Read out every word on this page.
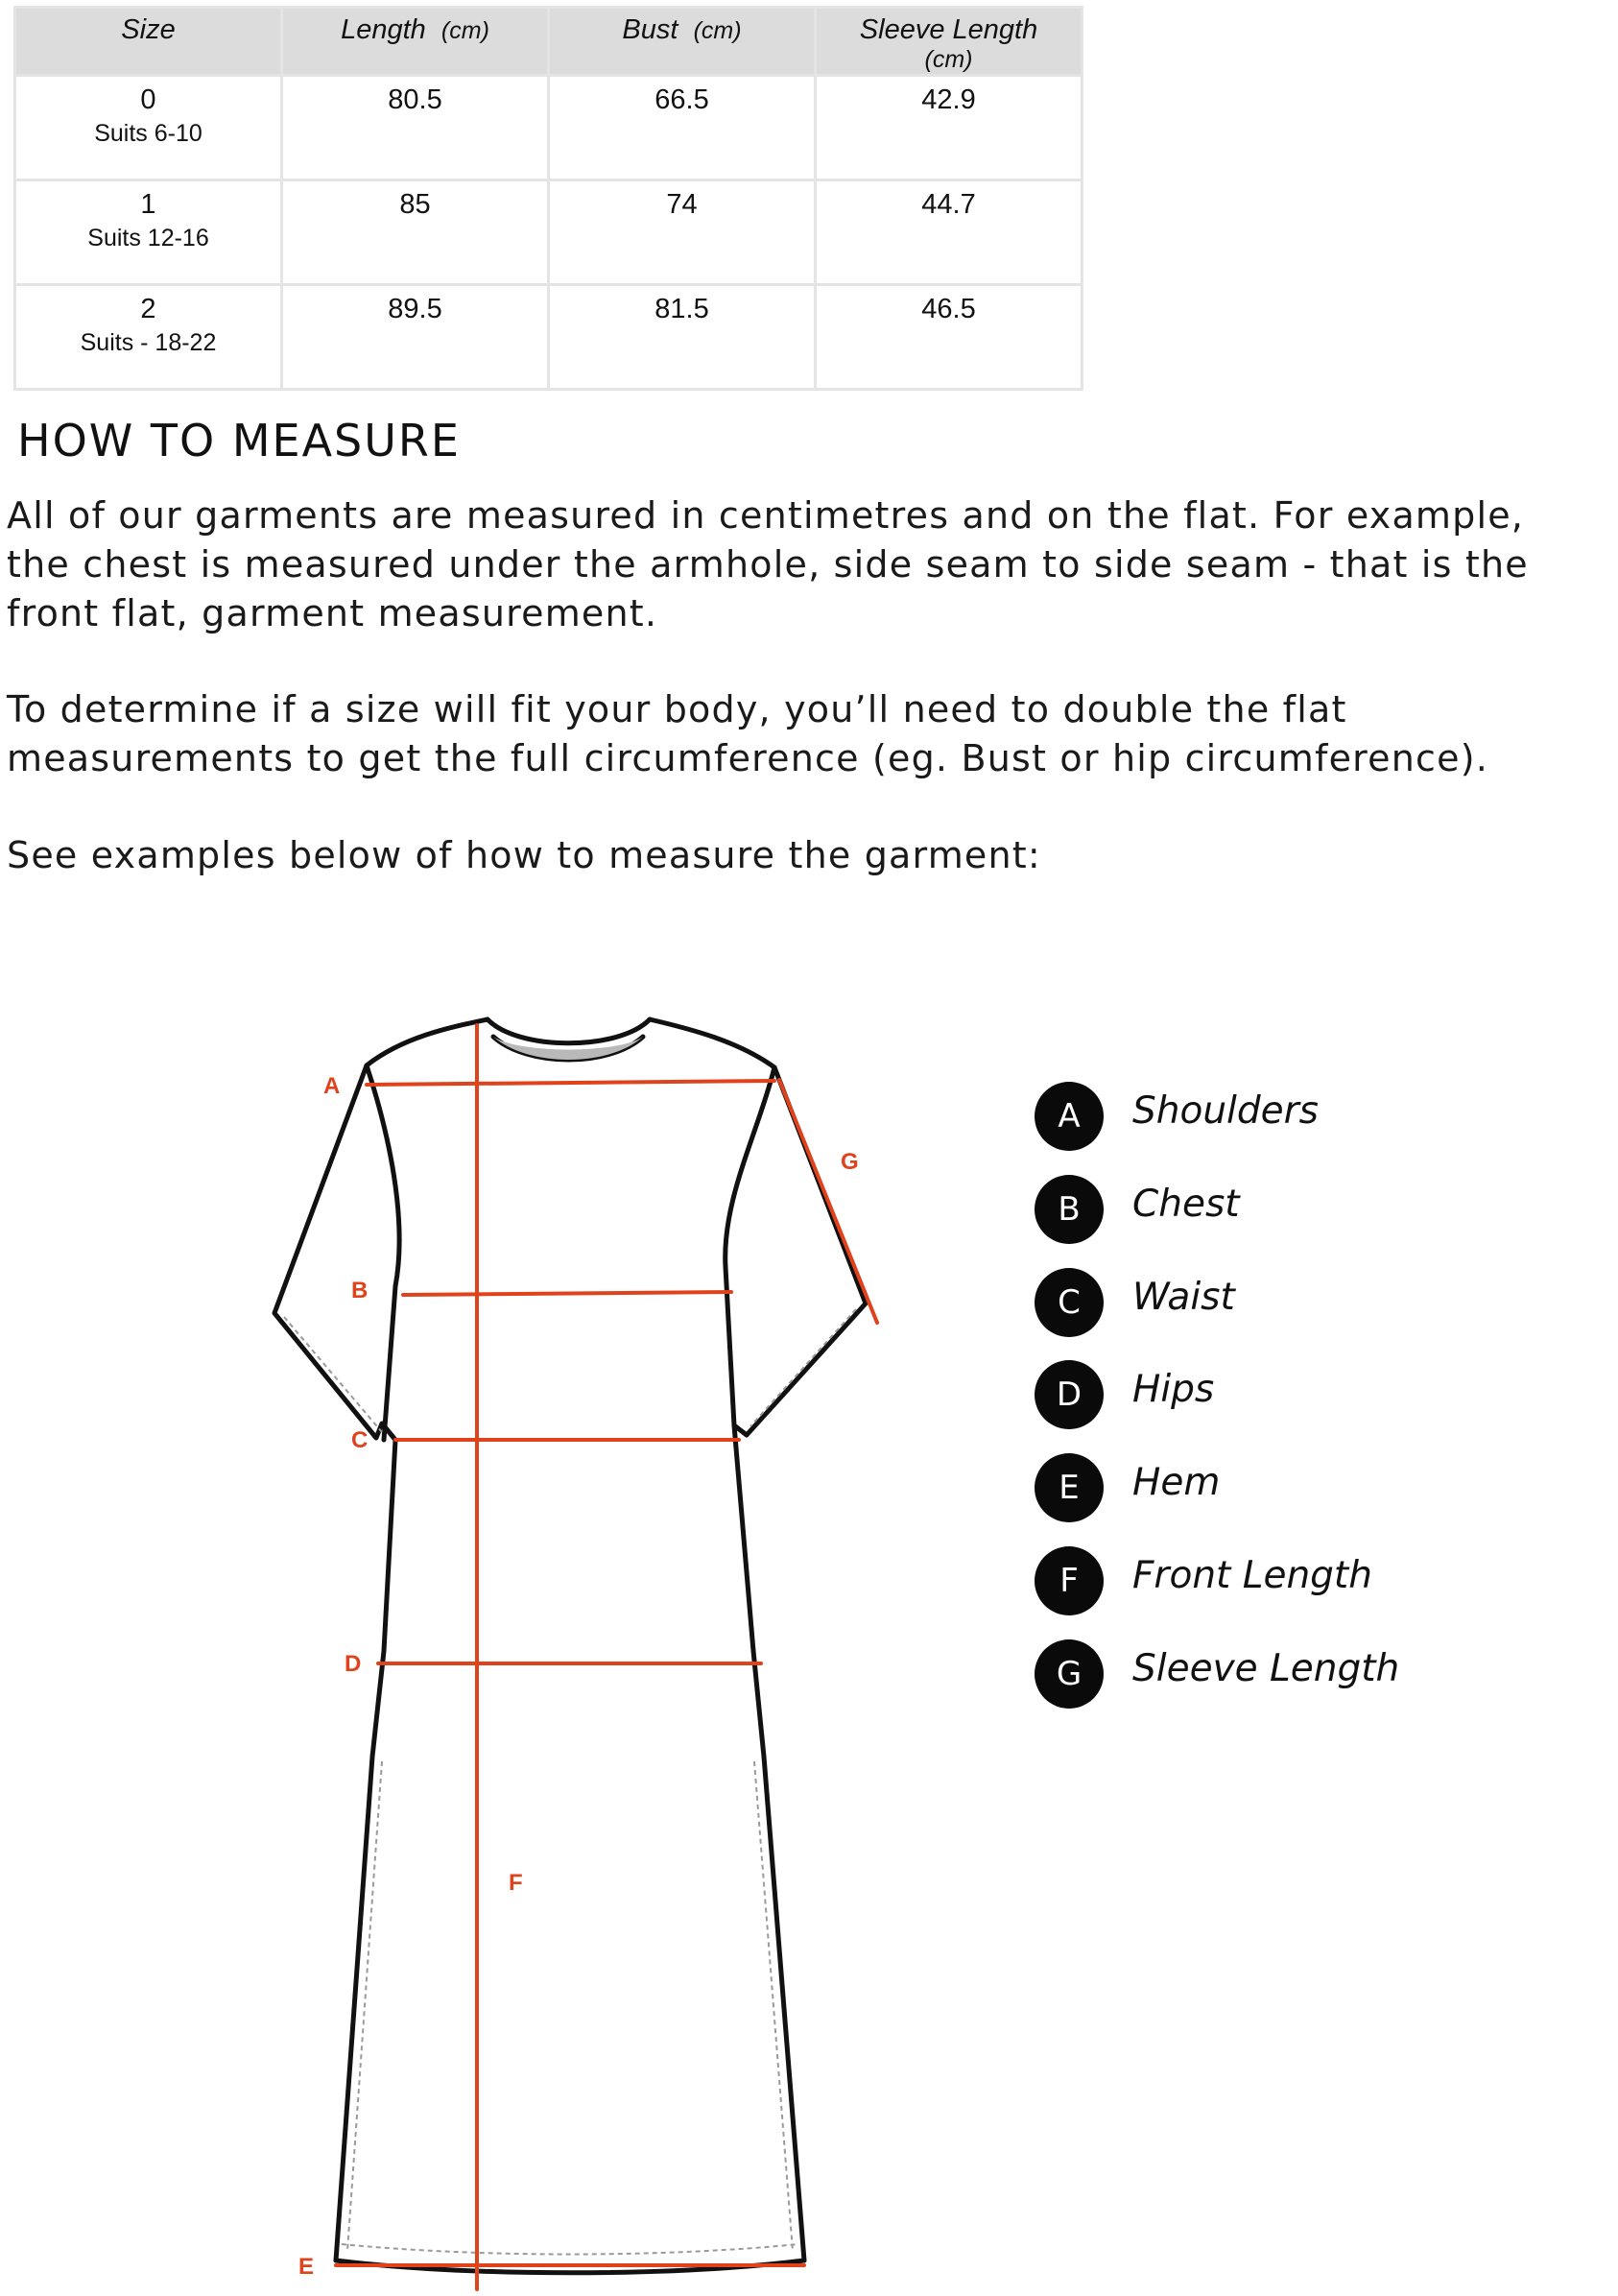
Size	Length (cm)	Bust (cm)	Sleeve Length
(cm)

0
Suits 6-10	80.5	66.5	42.9

1
Suits 12-16	85	74	44.7

2
Suits - 18-22	89.5	81.5	46.5
HOW TO MEASURE

All of our garments are measured in centimetres and on the flat. For example, the chest is measured under the armhole, side seam to side seam - that is the front flat, garment measurement.

To determine if a size will fit your body, you’ll need to double the flat measurements to get the full circumference (eg. Bust or hip circumference).

See examples below of how to measure the garment:

A
B
C
D
E
F
G
A	Shoulders
B	Chest
C	Waist
D	Hips
E	Hem
F	Front Length
G	Sleeve Length
